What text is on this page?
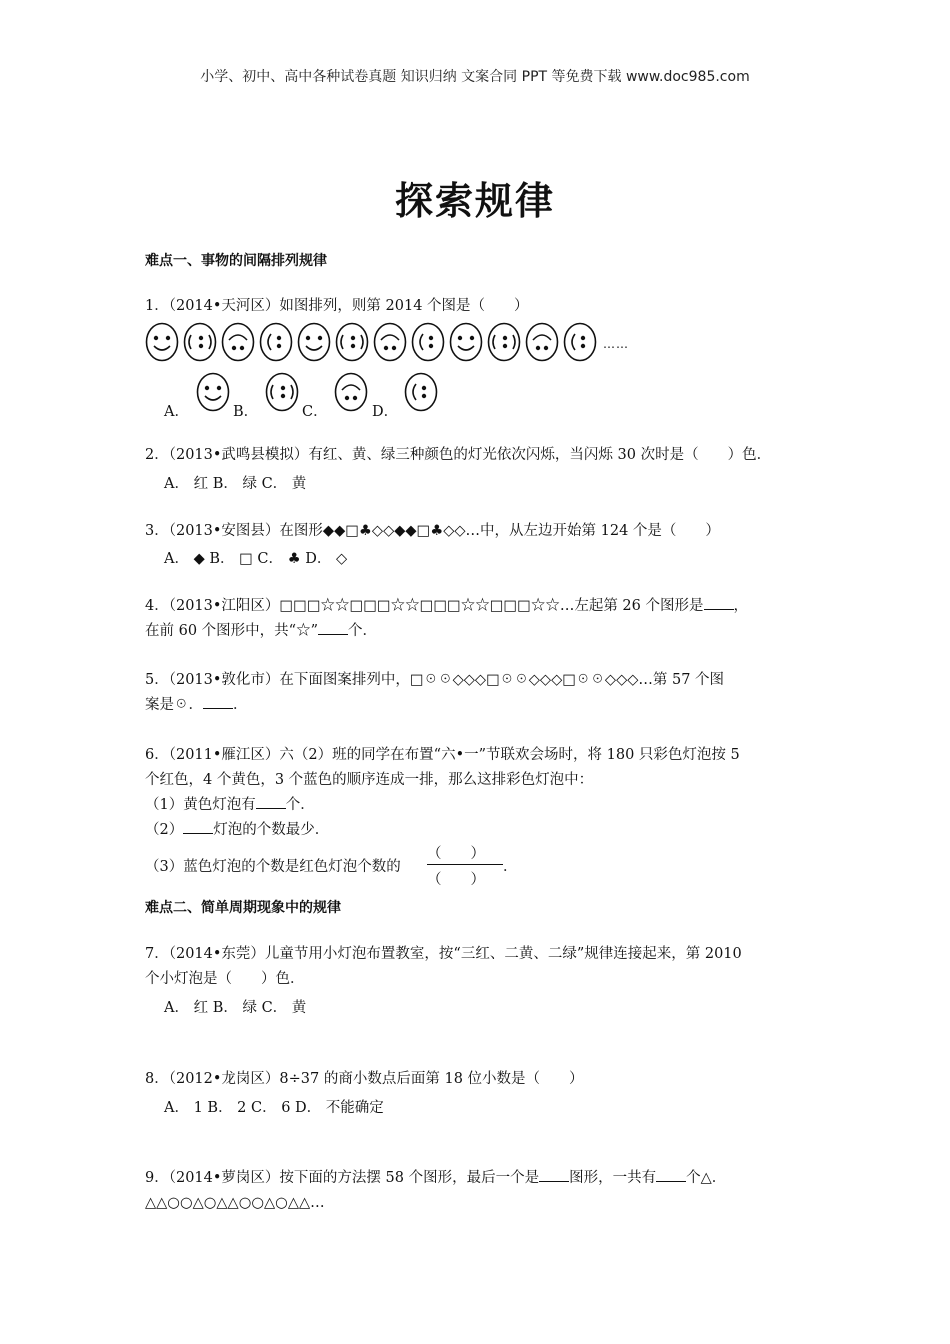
小学、初中、高中各种试卷真题 知识归纳 文案合同 PPT 等免费下载 www.doc985.com
探索规律
难点一、事物的间隔排列规律
1．（2014•天河区）如图排列，则第 2014 个图是（　　）
……
A．	B．	C．	D．
2．（2013•武鸣县模拟）有红、黄、绿三种颜色的灯光依次闪烁，当闪烁 30 次时是（　　）色．
A． 红 B． 绿 C． 黄
3．（2013•安图县）在图形◆◆□♣◇◇◆◆□♣◇◇…中，从左边开始第 124 个是（　　）
A． ◆ B． □ C． ♣ D． ◇
4．（2013•江阳区）□□□☆☆□□□☆☆□□□☆☆□□□☆☆…左起第 26 个图形是 ，
在前 60 个图形中，共“☆” 个．
5．（2013•敦化市）在下面图案排列中，□☉☉◇◇◇□☉☉◇◇◇□☉☉◇◇◇…第 57 个图
案是☉． ．
6．（2011•雁江区）六（2）班的同学在布置“六•一”节联欢会场时，将 180 只彩色灯泡按 5
个红色，4 个黄色，3 个蓝色的顺序连成一排，那么这排彩色灯泡中：
（1）黄色灯泡有 个．
（2） 灯泡的个数最少．
（3）蓝色灯泡的个数是红色灯泡个数的
（　　）
（　　）
．
难点二、简单周期现象中的规律
7．（2014•东莞）儿童节用小灯泡布置教室，按“三红、二黄、二绿”规律连接起来，第 2010
个小灯泡是（　　）色．
A． 红 B． 绿 C． 黄
8．（2012•龙岗区）8÷37 的商小数点后面第 18 位小数是（　　）
A． 1 B． 2 C． 6 D． 不能确定
9．（2014•萝岗区）按下面的方法摆 58 个图形，最后一个是 图形，一共有 个△．
△△○○△○△△○○△○△△…
